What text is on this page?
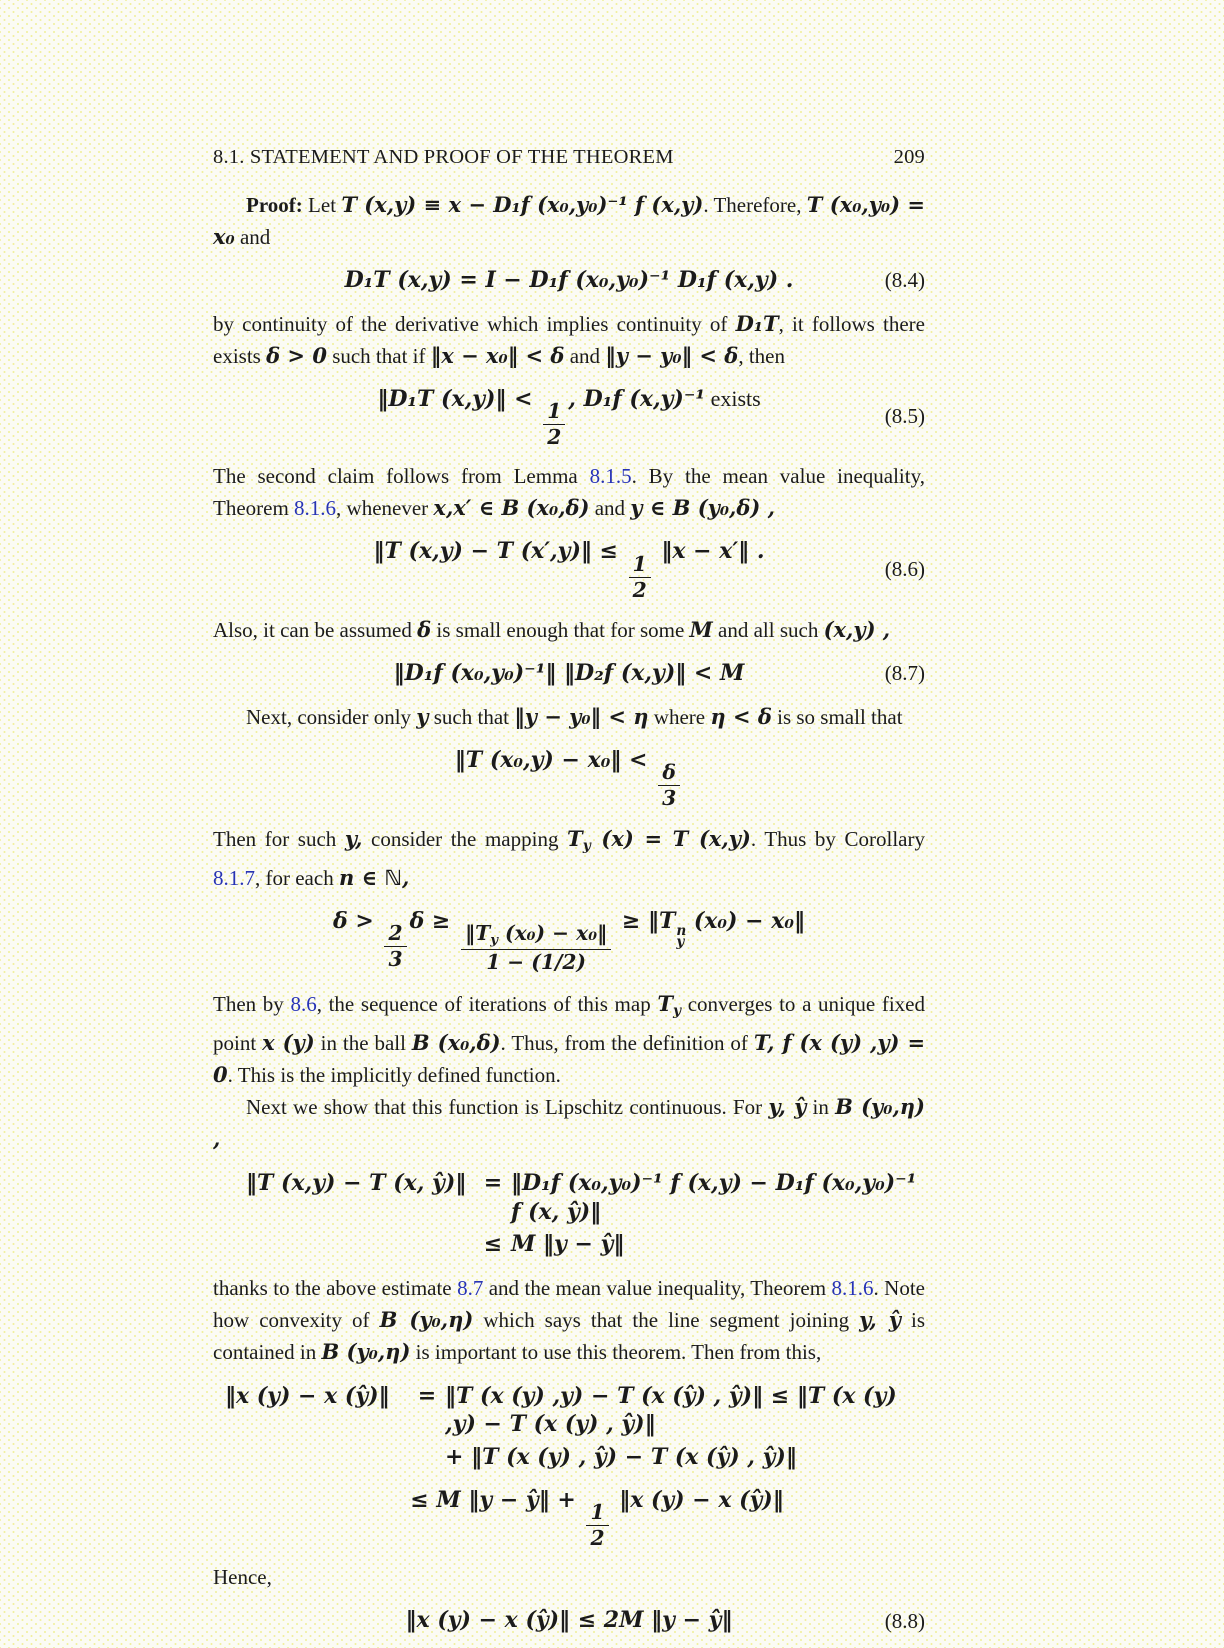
8.1. STATEMENT AND PROOF OF THE THEOREM	209

Proof: Let T (x,y) ≡ x − D₁f (x₀,y₀)⁻¹ f (x,y). Therefore, T (x₀,y₀) = x₀ and

D₁T (x,y) = I − D₁f (x₀,y₀)⁻¹ D₁f (x,y) .	(8.4)

by continuity of the derivative which implies continuity of D₁T, it follows there exists δ > 0 such that if ‖x − x₀‖ < δ and ‖y − y₀‖ < δ, then

‖D₁T (x,y)‖ <
$\frac{1}{2}$
, D₁f (x,y)⁻¹ exists
(8.5)

The second claim follows from Lemma 8.1.5. By the mean value inequality, Theorem 8.1.6, whenever x,x′ ∈ B (x₀,δ) and y ∈ B (y₀,δ) ,

‖T (x,y) − T (x′,y)‖ ≤
$\frac{1}{2}$
‖x − x′‖ .
(8.6)

Also, it can be assumed δ is small enough that for some M and all such (x,y) ,

‖D₁f (x₀,y₀)⁻¹‖ ‖D₂f (x,y)‖ < M	(8.7)

Next, consider only y such that ‖y − y₀‖ < η where η < δ is so small that

‖T (x₀,y) − x₀‖ <
$\frac{\delta}{3}$

Then for such y, consider the mapping Ty (x) = T (x,y). Thus by Corollary 8.1.7, for each n ∈ ℕ,

δ >
$\frac{2}{3}$
δ ≥
$\frac{\text{‖Ty (x₀) − x₀‖}}{1 - (1/2)}$
≥ ‖T n
y
(x₀) − x₀‖

Then by 8.6, the sequence of iterations of this map Ty converges to a unique fixed point x (y) in the ball B (x₀,δ). Thus, from the definition of T, f (x (y) ,y) = 0. This is the implicitly defined function.

Next we show that this function is Lipschitz continuous. For y, ŷ in B (y₀,η) ,

‖T (x,y) − T (x, ŷ)‖ = ‖D₁f (x₀,y₀)⁻¹ f (x,y) − D₁f (x₀,y₀)⁻¹ f (x, ŷ)‖
≤ M ‖y − ŷ‖

thanks to the above estimate 8.7 and the mean value inequality, Theorem 8.1.6. Note how convexity of B (y₀,η) which says that the line segment joining y, ŷ is contained in B (y₀,η) is important to use this theorem. Then from this,

‖x (y) − x (ŷ)‖	= ‖T (x (y) ,y) − T (x (ŷ) , ŷ)‖ ≤ ‖T (x (y) ,y) − T (x (y) , ŷ)‖
+ ‖T (x (y) , ŷ) − T (x (ŷ) , ŷ)‖
≤ M ‖y − ŷ‖ +
$\frac{1}{2}$
‖x (y) − x (ŷ)‖

Hence,

‖x (y) − x (ŷ)‖ ≤ 2M ‖y − ŷ‖	(8.8)
